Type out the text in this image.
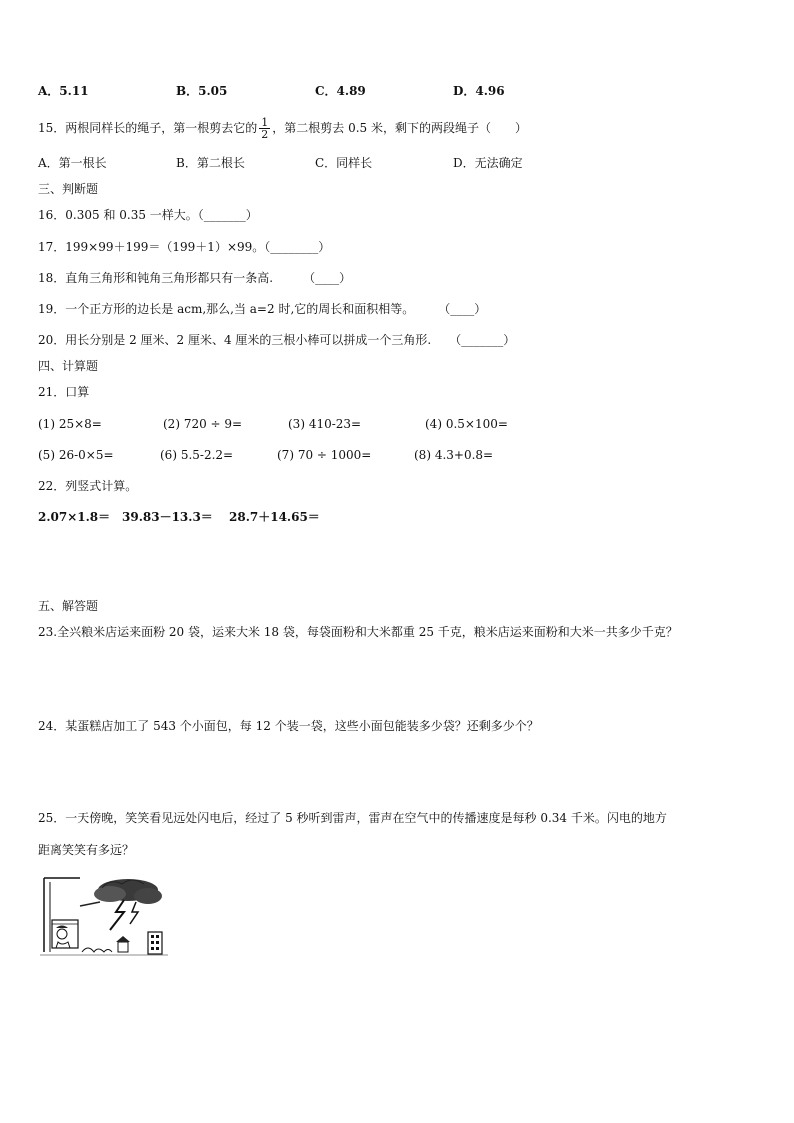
A．5.11	B．5.05	C．4.89	D．4.96
15．两根同样长的绳子，第一根剪去它的 $\frac{1}{2}$ ，第二根剪去 0.5 米，剩下的两段绳子（　　）
A．第一根长	B．第二根长	C．同样长	D．无法确定
三、判断题
16．0.305 和 0.35 一样大。（_______）
17．199×99＋199＝（199＋1）×99。（________）
18．直角三角形和钝角三角形都只有一条高.　　　（____）
19．一个正方形的边长是 acm,那么,当 a=2 时,它的周长和面积相等。　　　（____）
20．用长分别是 2 厘米、2 厘米、4 厘米的三根小棒可以拼成一个三角形.　　（_______）
四、计算题
21．口算
(1) 25×8=	(2) 720 ÷ 9=	(3) 410-23=	(4) 0.5×100=
(5) 26-0×5=	(6) 5.5-2.2=	(7) 70 ÷ 1000=	(8) 4.3+0.8=
22．列竖式计算。
2.07×1.8＝ 39.83－13.3＝ 28.7＋14.65＝
五、解答题
23.全兴粮米店运来面粉 20 袋，运来大米 18 袋，每袋面粉和大米都重 25 千克，粮米店运来面粉和大米一共多少千克？
24．某蛋糕店加工了 543 个小面包，每 12 个装一袋，这些小面包能装多少袋？还剩多少个？
25．一天傍晚，笑笑看见远处闪电后，经过了 5 秒听到雷声，雷声在空气中的传播速度是每秒 0.34 千米。闪电的地方
距离笑笑有多远？
